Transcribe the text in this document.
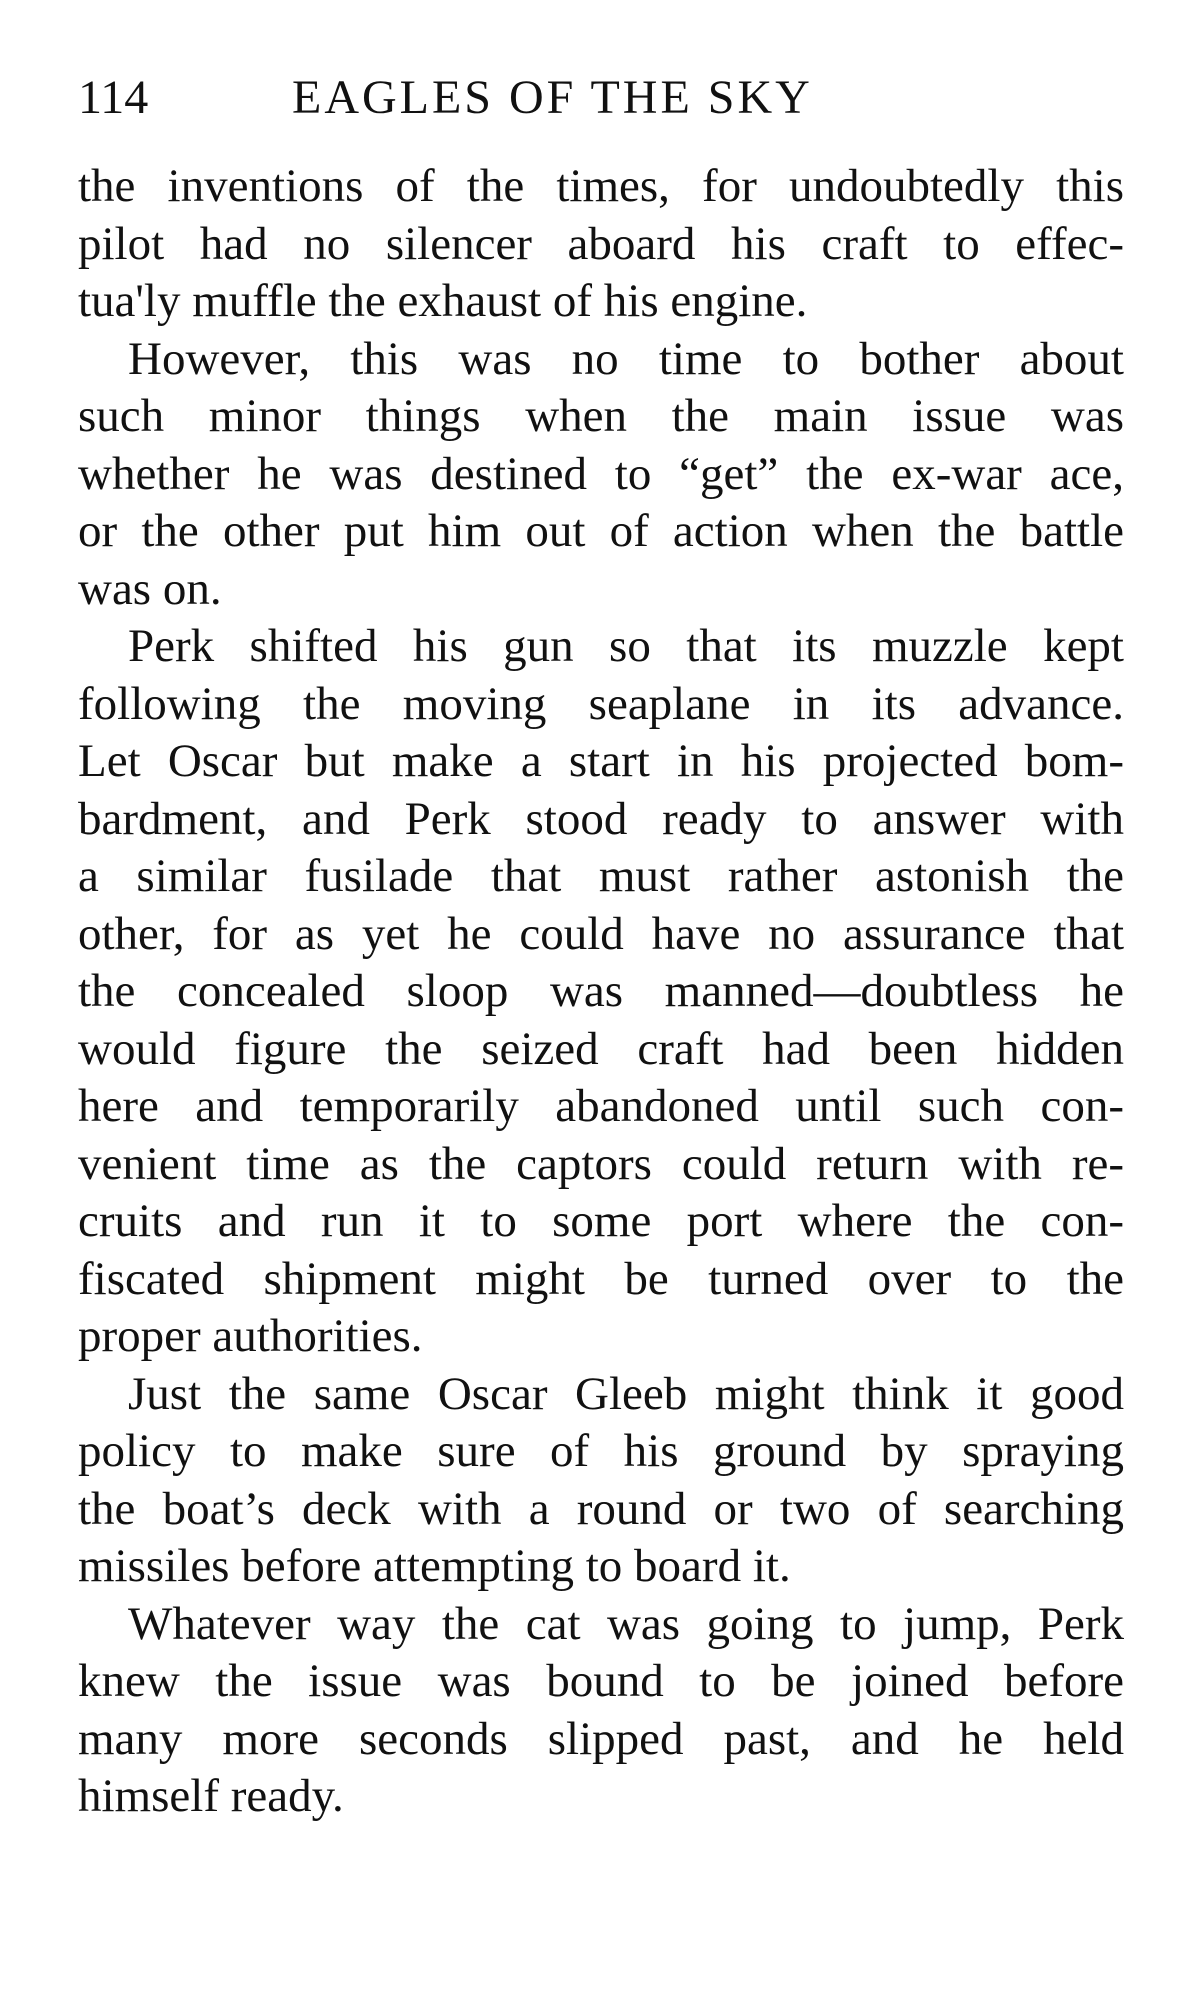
114	EAGLES OF THE SKY
the inventions of the times, for undoubtedly this
pilot had no silencer aboard his craft to effec-
tua'ly muffle the exhaust of his engine.
However, this was no time to bother about
such minor things when the main issue was
whether he was destined to “get” the ex-war ace,
or the other put him out of action when the battle
was on.
Perk shifted his gun so that its muzzle kept
following the moving seaplane in its advance.
Let Oscar but make a start in his projected bom-
bardment, and Perk stood ready to answer with
a similar fusilade that must rather astonish the
other, for as yet he could have no assurance that
the concealed sloop was manned—doubtless he
would figure the seized craft had been hidden
here and temporarily abandoned until such con-
venient time as the captors could return with re-
cruits and run it to some port where the con-
fiscated shipment might be turned over to the
proper authorities.
Just the same Oscar Gleeb might think it good
policy to make sure of his ground by spraying
the boat’s deck with a round or two of searching
missiles before attempting to board it.
Whatever way the cat was going to jump, Perk
knew the issue was bound to be joined before
many more seconds slipped past, and he held
himself ready.
